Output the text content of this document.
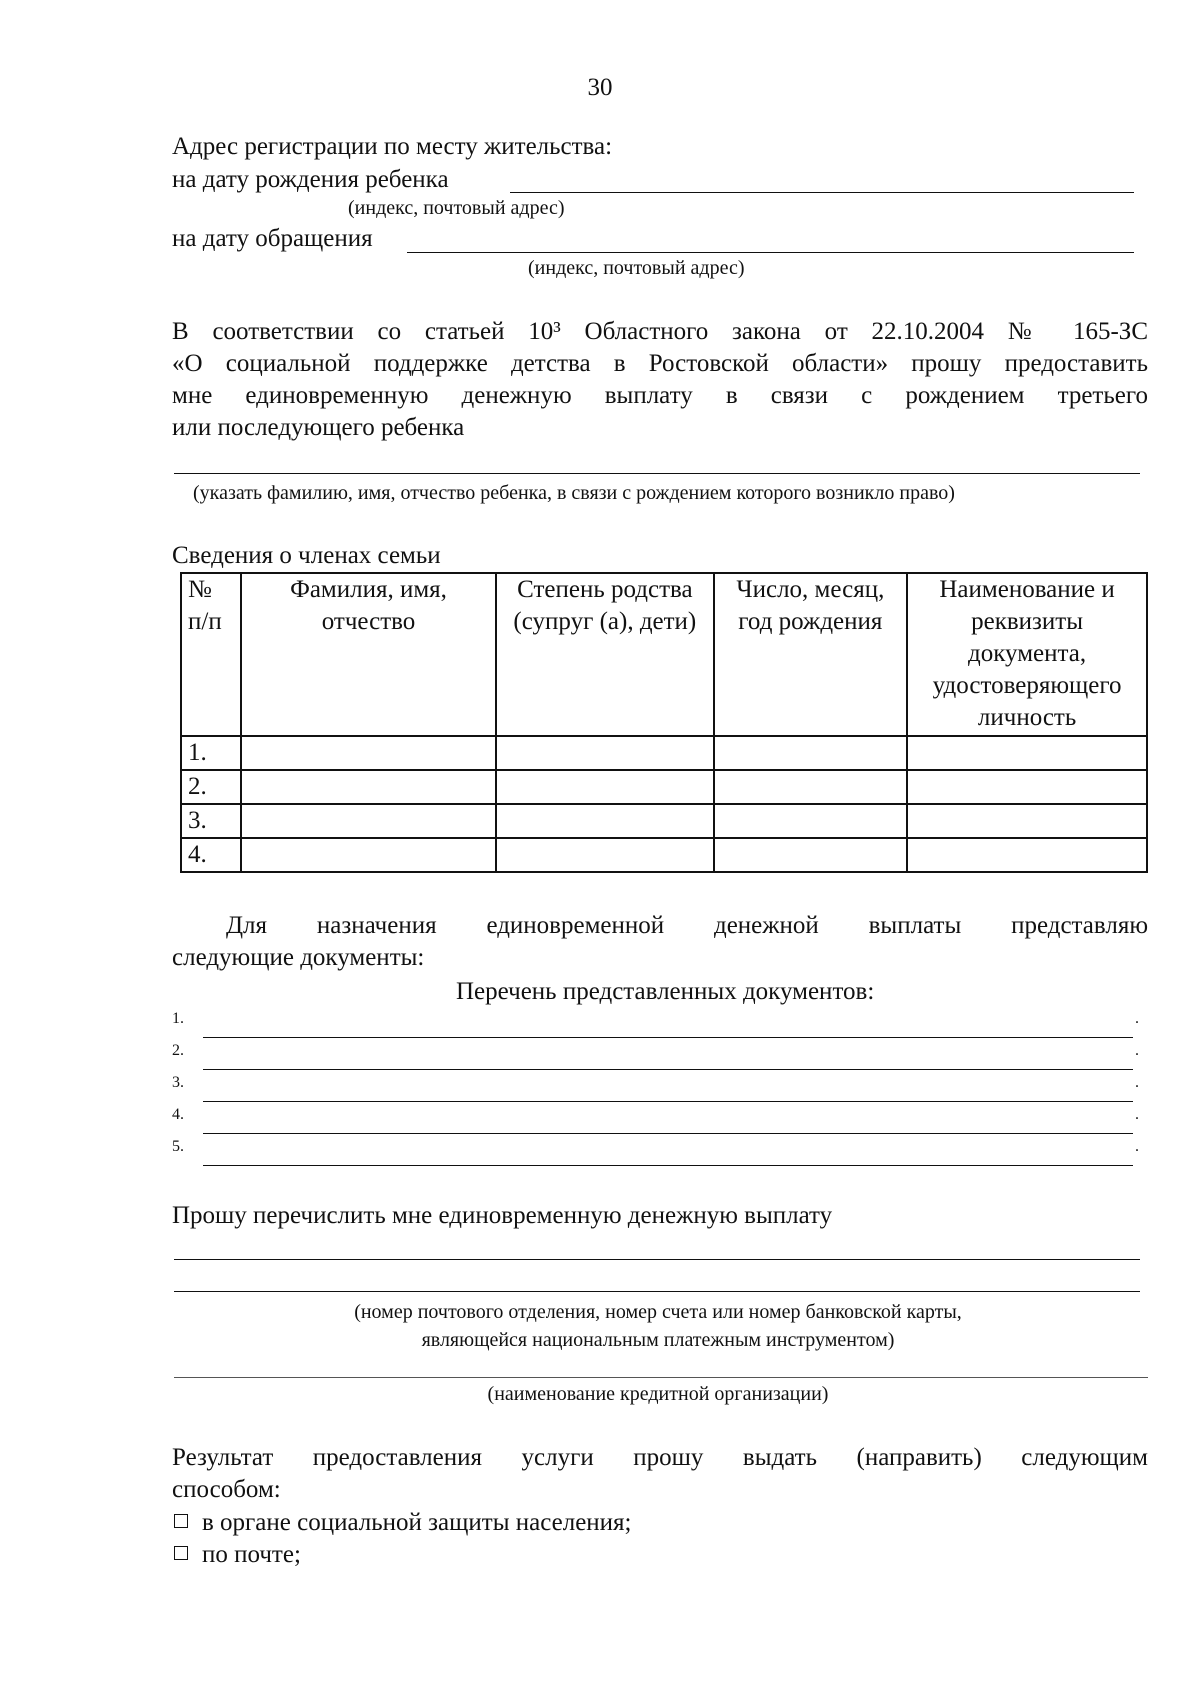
30
Адрес регистрации по месту жительства:
на дату рождения ребенка
(индекс, почтовый адрес)
на дату обращения
(индекс, почтовый адрес)
В соответствии со статьей 10³ Областного закона от 22.10.2004 № 165-ЗС
«О социальной поддержке детства в Ростовской области» прошу предоставить
мне единовременную денежную выплату в связи с рождением третьего
или последующего ребенка
(указать фамилию, имя, отчество ребенка, в связи с рождением которого возникло право)
Сведения о членах семьи
№ п/п	Фамилия, имя, отчество	Степень родства (супруг (а), дети)	Число, месяц, год рождения	Наименование и реквизиты документа, удостоверяющего личность
1.				
2.				
3.				
4.				
Для назначения единовременной денежной выплаты представляю
следующие документы:
Перечень представленных документов:
1.	.
2.	.
3.	.
4.	.
5.	.
Прошу перечислить мне единовременную денежную выплату
(номер почтового отделения, номер счета или номер банковской карты,
являющейся национальным платежным инструментом)
(наименование кредитной организации)
Результат предоставления услуги прошу выдать (направить) следующим
способом:
в органе социальной защиты населения;
по почте;
